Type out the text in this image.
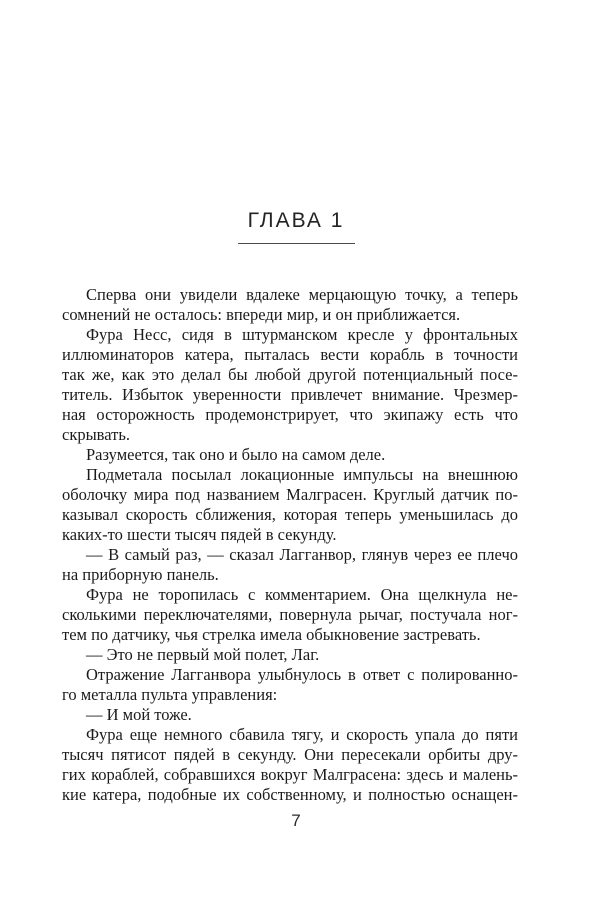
ГЛАВА 1
Сперва они увидели вдалеке мерцающую точку, а теперь
сомнений не осталось: впереди мир, и он приближается.
Фура Несс, сидя в штурманском кресле у фронтальных
иллюминаторов катера, пыталась вести корабль в точности
так же, как это делал бы любой другой потенциальный посе-
титель. Избыток уверенности привлечет внимание. Чрезмер-
ная осторожность продемонстрирует, что экипажу есть что
скрывать.
Разумеется, так оно и было на самом деле.
Подметала посылал локационные импульсы на внешнюю
оболочку мира под названием Малграсен. Круглый датчик по-
казывал скорость сближения, которая теперь уменьшилась до
каких-то шести тысяч пядей в секунду.
— В самый раз, — сказал Лагганвор, глянув через ее плечо
на приборную панель.
Фура не торопилась с комментарием. Она щелкнула не-
сколькими переключателями, повернула рычаг, постучала ног-
тем по датчику, чья стрелка имела обыкновение застревать.
— Это не первый мой полет, Лаг.
Отражение Лагганвора улыбнулось в ответ с полированно-
го металла пульта управления:
— И мой тоже.
Фура еще немного сбавила тягу, и скорость упала до пяти
тысяч пятисот пядей в секунду. Они пересекали орбиты дру-
гих кораблей, собравшихся вокруг Малграсена: здесь и малень-
кие катера, подобные их собственному, и полностью оснащен-
7
